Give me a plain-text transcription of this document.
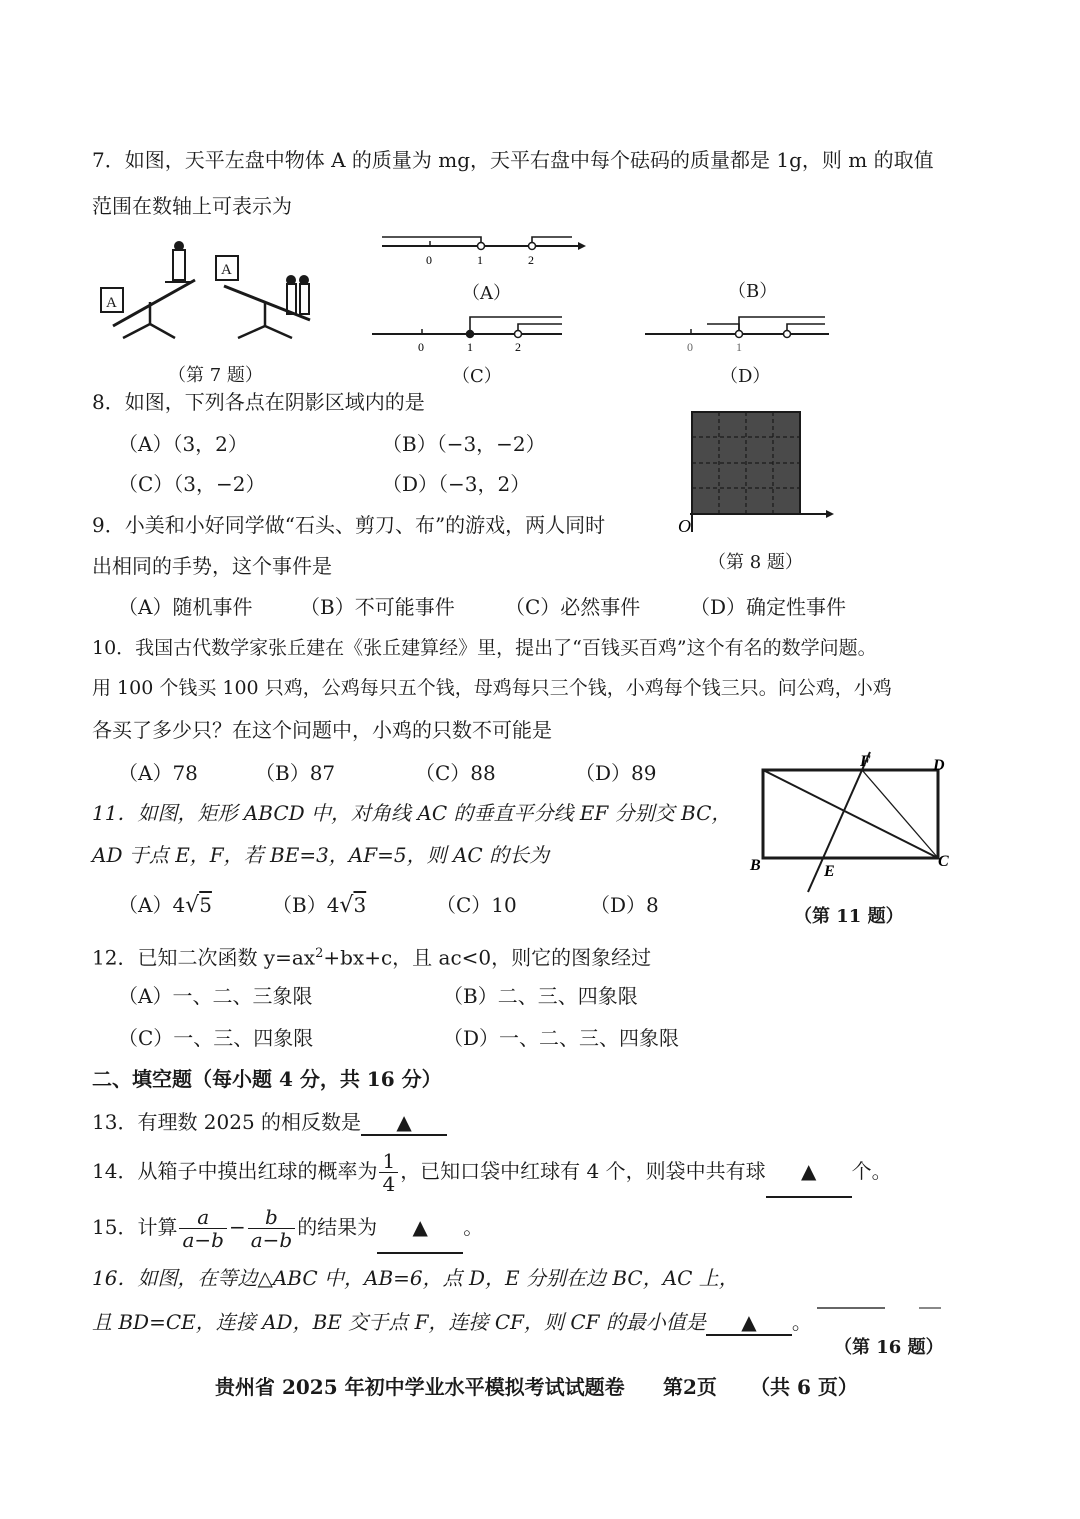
7．如图，天平左盘中物体 A 的质量为 mg，天平右盘中每个砝码的质量都是 1g，则 m 的取值
范围在数轴上可表示为
A
A
（第 7 题）
0	1	2
（A）	（B）
0	1	2
（C）
0	1
（D）
8．如图，下列各点在阴影区域内的是
（A）（3，2）	（B）（−3，−2）
（C）（3，−2）	（D）（−3，2）
O
（第 8 题）
9．小美和小好同学做“石头、剪刀、布”的游戏，两人同时
出相同的手势，这个事件是
（A）随机事件 （B）不可能事件	（C）必然事件 （D）确定性事件
10．我国古代数学家张丘建在《张丘建算经》里，提出了“百钱买百鸡”这个有名的数学问题。
用 100 个钱买 100 只鸡，公鸡每只五个钱，母鸡每只三个钱，小鸡每个钱三只。问公鸡，小鸡
各买了多少只？在这个问题中，小鸡的只数不可能是
（A）78	（B）87	（C）88	（D）89
11．如图，矩形 ABCD 中，对角线 AC 的垂直平分线 EF 分别交 BC，
AD 于点 E，F，若 BE=3，AF=5，则 AC 的长为
（A）4√5	（B）4√3	（C）10	（D）8
F	D
B	E
C
（第 11 题）
12．已知二次函数 $y=ax^2+bx+c$，且 ac<0，则它的图象经过
（A）一、二、三象限	（B）二、三、四象限
（C）一、三、四象限	（D）一、二、三、四象限
二、填空题（每小题 4 分，共 16 分）
13．有理数 2025 的相反数是 ▲
14．从箱子中摸出红球的概率为 $\frac{1}{4}$ ，已知口袋中红球有 4 个，则袋中共有球 ▲ 个。
15．计算 $\frac{a}{a-b} - \frac{b}{a-b}$ 的结果为 ▲ 。
16．如图，在等边△ABC 中，AB=6，点 D，E 分别在边 BC，AC 上，
且 BD=CE，连接 AD，BE 交于点 F，连接 CF，则 CF 的最小值是 ▲ 。
（第 16 题）
贵州省 2025 年初中学业水平模拟考试试题卷 第2页 （共 6 页）
